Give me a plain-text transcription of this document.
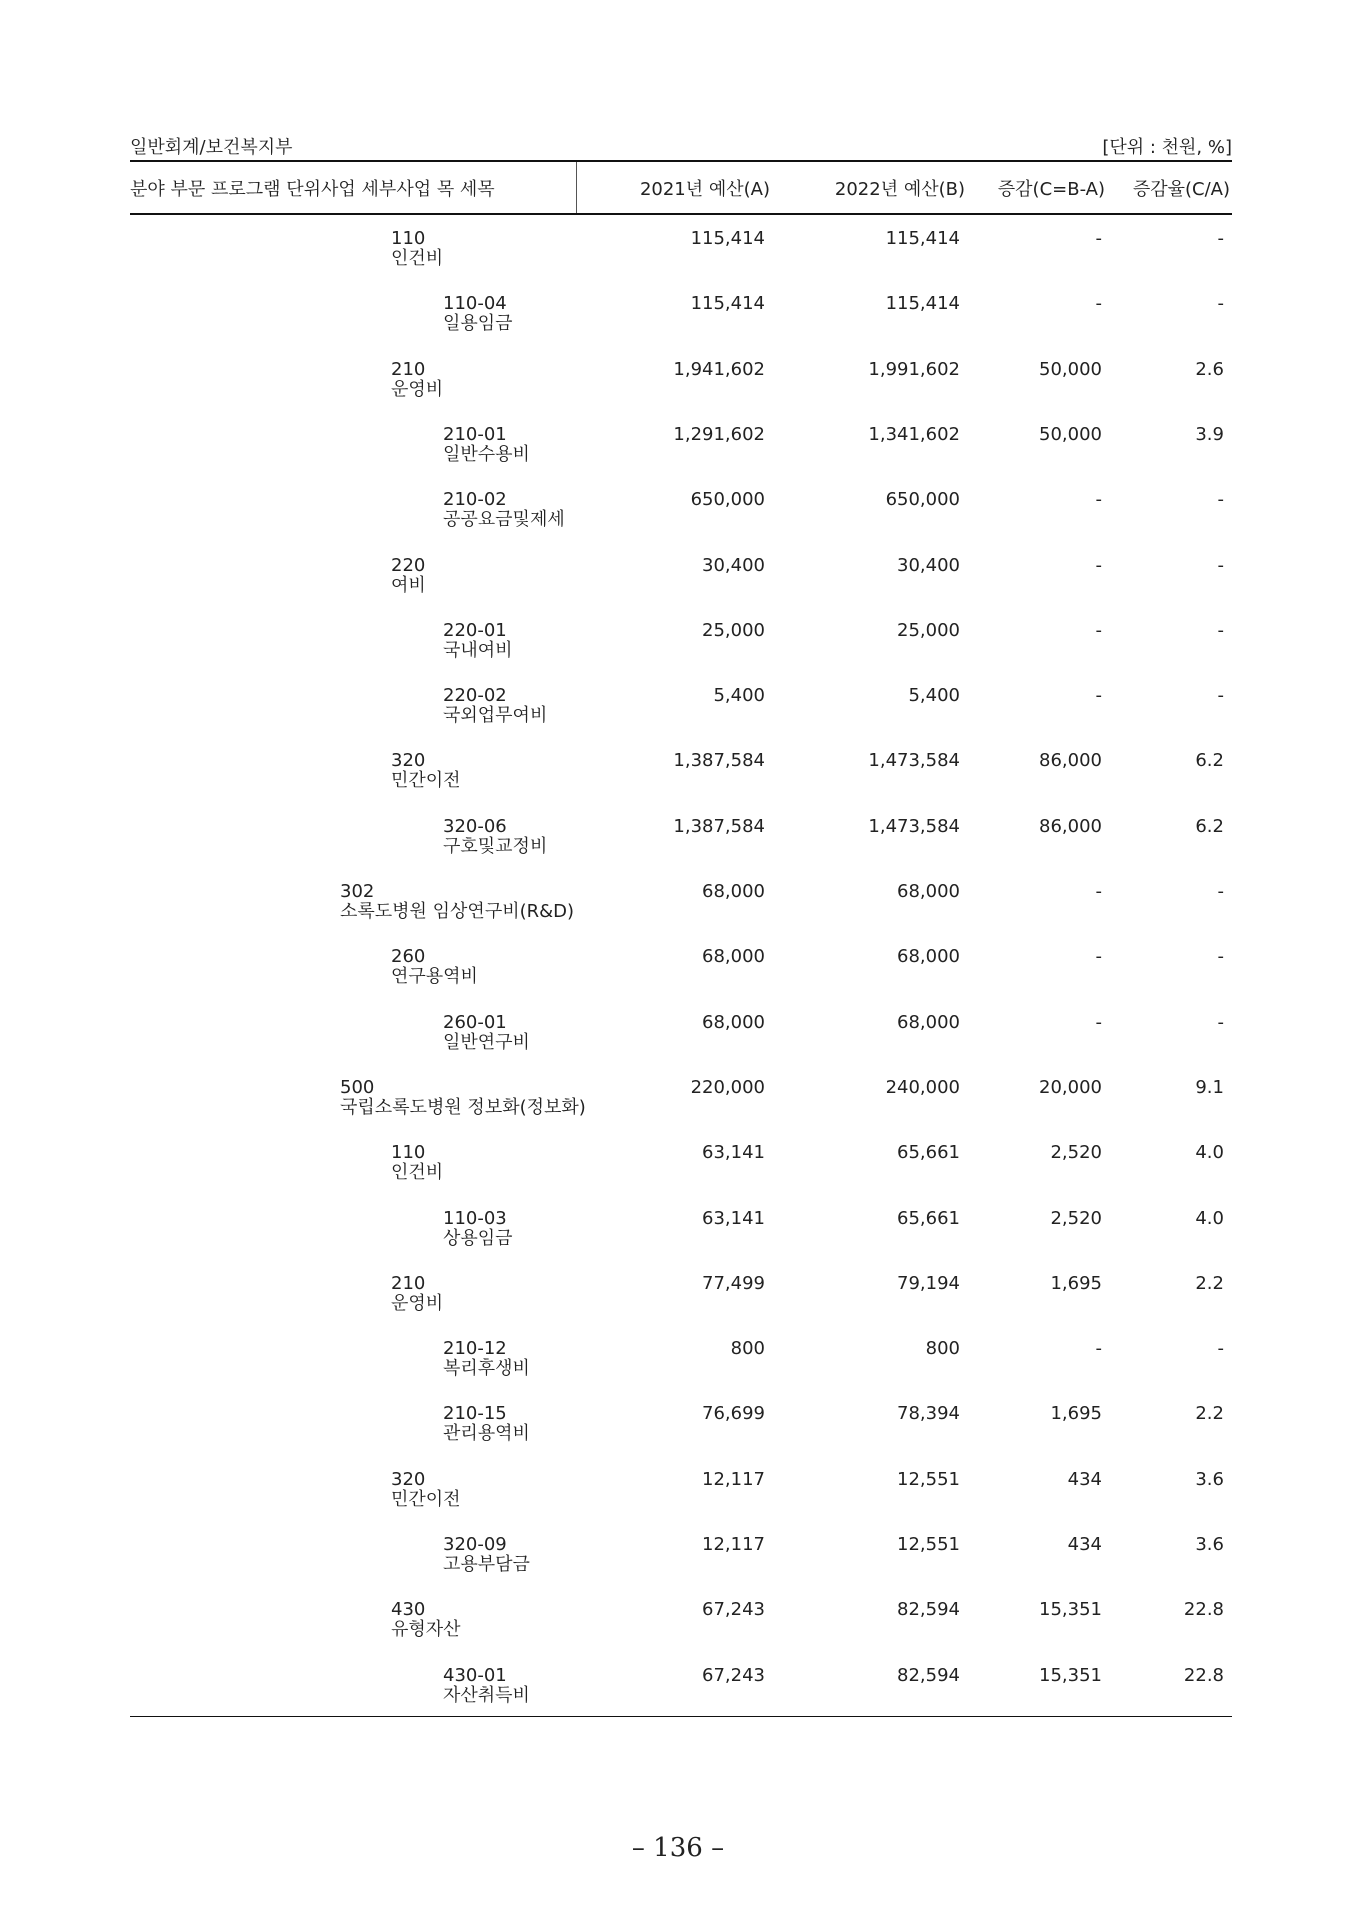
일반회계/보건복지부	[단위 : 천원, %]
분야 부문 프로그램 단위사업 세부사업 목 세목	2021년 예산(A)	2022년 예산(B)	증감(C=B-A)	증감율(C/A)
110
인건비
115,414	115,414	-	-
110-04
일용임금
115,414	115,414	-	-
210
운영비
1,941,602	1,991,602	50,000	2.6
210-01
일반수용비
1,291,602	1,341,602	50,000	3.9
210-02
공공요금및제세
650,000	650,000	-	-
220
여비
30,400	30,400	-	-
220-01
국내여비
25,000	25,000	-	-
220-02
국외업무여비
5,400	5,400	-	-
320
민간이전
1,387,584	1,473,584	86,000	6.2
320-06
구호및교정비
1,387,584	1,473,584	86,000	6.2
302
소록도병원 임상연구비(R&D)
68,000	68,000	-	-
260
연구용역비
68,000	68,000	-	-
260-01
일반연구비
68,000	68,000	-	-
500
국립소록도병원 정보화(정보화)
220,000	240,000	20,000	9.1
110
인건비
63,141	65,661	2,520	4.0
110-03
상용임금
63,141	65,661	2,520	4.0
210
운영비
77,499	79,194	1,695	2.2
210-12
복리후생비
800	800	-	-
210-15
관리용역비
76,699	78,394	1,695	2.2
320
민간이전
12,117	12,551	434	3.6
320-09
고용부담금
12,117	12,551	434	3.6
430
유형자산
67,243	82,594	15,351	22.8
430-01
자산취득비
67,243	82,594	15,351	22.8
– 136 –
